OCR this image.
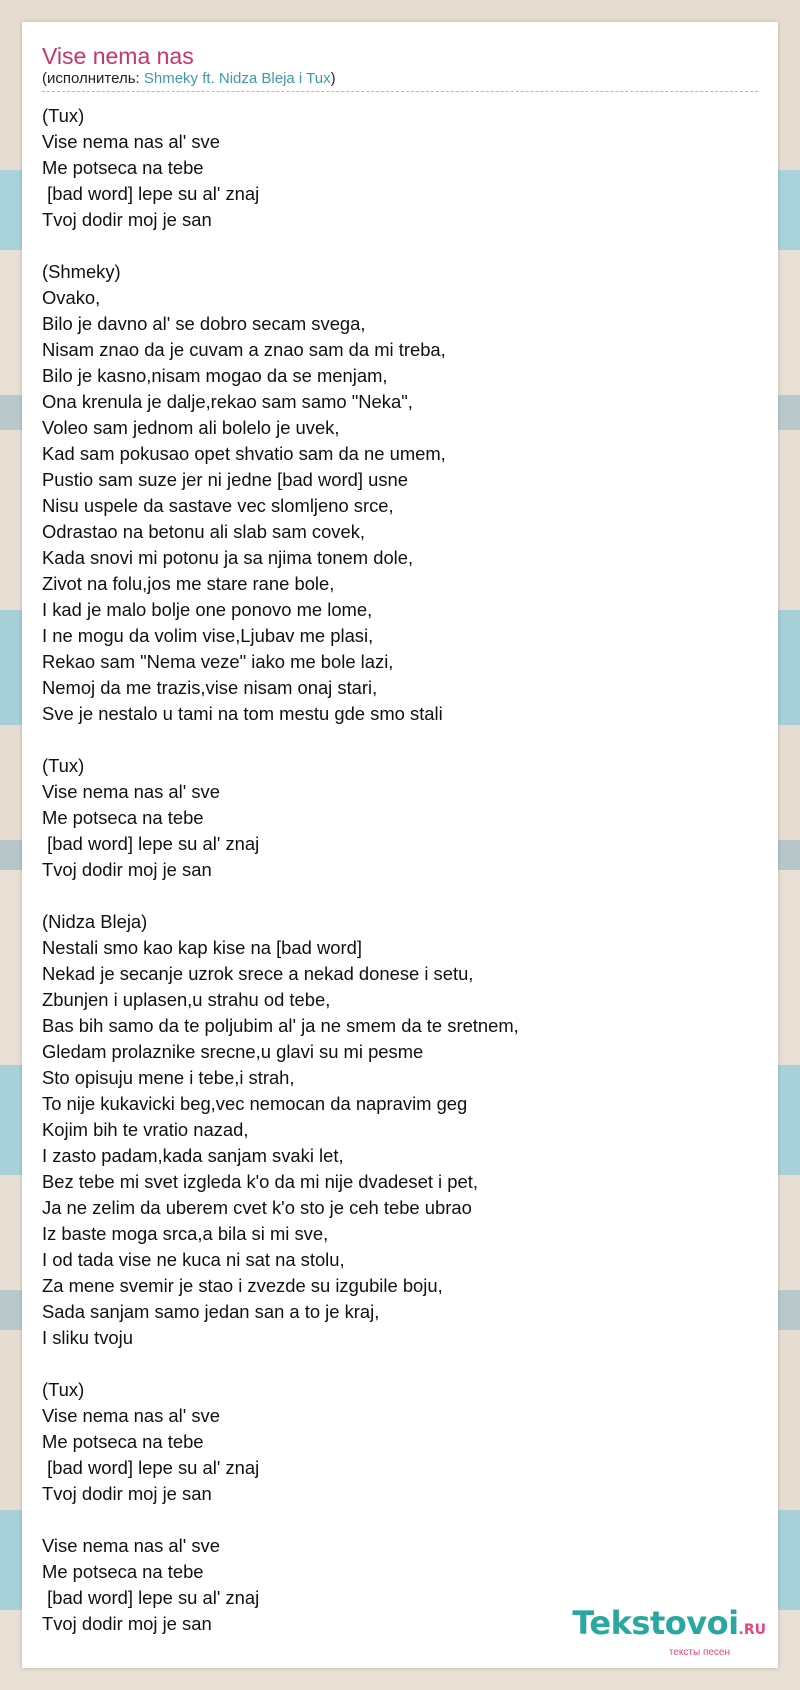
Vise nema nas
(исполнитель: Shmeky ft. Nidza Bleja i Tux)
(Tux)
Vise nema nas al' sve
Me potseca na tebe
[bad word] lepe su al' znaj
Tvoj dodir moj je san
(Shmeky)
Ovako,
Bilo je davno al' se dobro secam svega,
Nisam znao da je cuvam a znao sam da mi treba,
Bilo je kasno,nisam mogao da se menjam,
Ona krenula je dalje,rekao sam samo "Neka",
Voleo sam jednom ali bolelo je uvek,
Kad sam pokusao opet shvatio sam da ne umem,
Pustio sam suze jer ni jedne [bad word] usne
Nisu uspele da sastave vec slomljeno srce,
Odrastao na betonu ali slab sam covek,
Kada snovi mi potonu ja sa njima tonem dole,
Zivot na folu,jos me stare rane bole,
I kad je malo bolje one ponovo me lome,
I ne mogu da volim vise,Ljubav me plasi,
Rekao sam "Nema veze" iako me bole lazi,
Nemoj da me trazis,vise nisam onaj stari,
Sve je nestalo u tami na tom mestu gde smo stali
(Tux)
Vise nema nas al' sve
Me potseca na tebe
[bad word] lepe su al' znaj
Tvoj dodir moj je san
(Nidza Bleja)
Nestali smo kao kap kise na [bad word]
Nekad je secanje uzrok srece a nekad donese i setu,
Zbunjen i uplasen,u strahu od tebe,
Bas bih samo da te poljubim al' ja ne smem da te sretnem,
Gledam prolaznike srecne,u glavi su mi pesme
Sto opisuju mene i tebe,i strah,
To nije kukavicki beg,vec nemocan da napravim geg
Kojim bih te vratio nazad,
I zasto padam,kada sanjam svaki let,
Bez tebe mi svet izgleda k'o da mi nije dvadeset i pet,
Ja ne zelim da uberem cvet k'o sto je ceh tebe ubrao
Iz baste moga srca,a bila si mi sve,
I od tada vise ne kuca ni sat na stolu,
Za mene svemir je stao i zvezde su izgubile boju,
Sada sanjam samo jedan san a to je kraj,
I sliku tvoju
(Tux)
Vise nema nas al' sve
Me potseca na tebe
[bad word] lepe su al' znaj
Tvoj dodir moj je san
Vise nema nas al' sve
Me potseca na tebe
[bad word] lepe su al' znaj
Tvoj dodir moj je san	Tekstovoi.RU
тексты песен
